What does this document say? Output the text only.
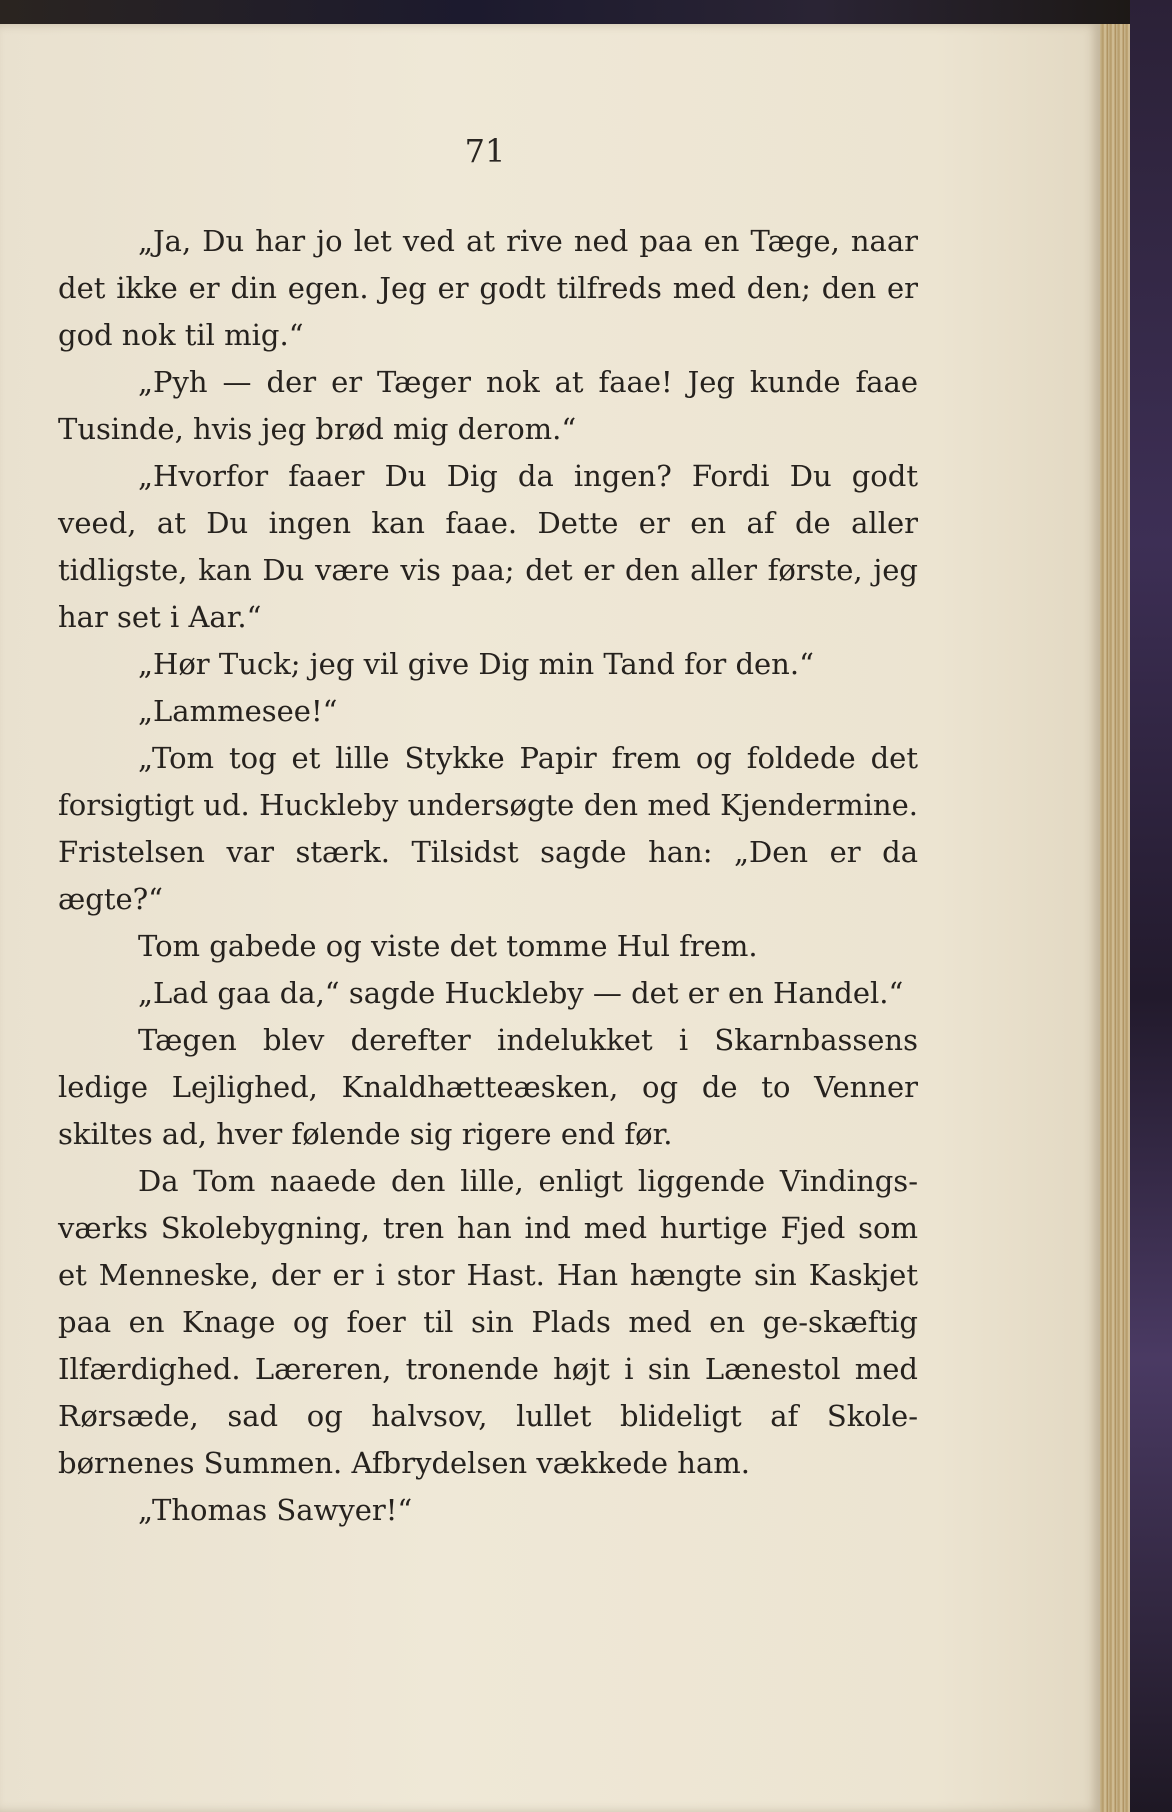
71

„Ja, Du har jo let ved at rive ned paa en Tæge, naar det ikke er din egen. Jeg er godt tilfreds med den; den er god nok til mig.“

„Pyh — der er Tæger nok at faae! Jeg kunde faae Tusinde, hvis jeg brød mig derom.“

„Hvorfor faaer Du Dig da ingen? Fordi Du godt veed, at Du ingen kan faae. Dette er en af de aller tidligste, kan Du være vis paa; det er den aller første, jeg har set i Aar.“

„Hør Tuck; jeg vil give Dig min Tand for den.“

„Lammesee!“

„Tom tog et lille Stykke Papir frem og foldede det forsigtigt ud. Huckleby undersøgte den med Kjendermine. Fristelsen var stærk. Tilsidst sagde han: „Den er da ægte?“

Tom gabede og viste det tomme Hul frem.

„Lad gaa da,“ sagde Huckleby — det er en Handel.“

Tægen blev derefter indelukket i Skarnbassens ledige Lejlighed, Knaldhætteæsken, og de to Venner skiltes ad, hver følende sig rigere end før.

Da Tom naaede den lille, enligt liggende Vindings-værks Skolebygning, tren han ind med hurtige Fjed som et Menneske, der er i stor Hast. Han hængte sin Kaskjet paa en Knage og foer til sin Plads med en ge-skæftig Ilfærdighed. Læreren, tronende højt i sin Lænestol med Rørsæde, sad og halvsov, lullet blideligt af Skole-børnenes Summen. Afbrydelsen vækkede ham.

„Thomas Sawyer!“
